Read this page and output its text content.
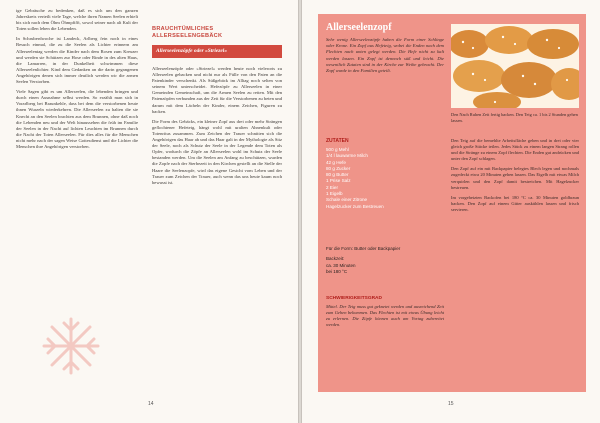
ige Gebräuche zu bedenken, daß es sich um den ganzen Jahreskreis verteilt viele Tage, welche ihren Namen Seelen erhielt bis sich nach dem Öhm Öhmpfifft, sowol seiner nach alt Kult der Toten sollen leben die Lebenden.

In Schruberdwoche ist Landeck, Arlberg fein noch in eines Besuch einmal, die zu die Seelen als Lichter erinnern am Allerseelentag werden die Kinder nach dem Rosen zum Kreuzer und werden sie Schützen zur Hose oder Rinde in des alten Haus, die Lamarren, in der Dunkelheit schwimmen diese Allerseelenlichter. Kind dem Gedanken an die darin gegangenen Angehörigen denen sich immer deutlich werden wir die armen Seelen Verstorben.

Viele Sagen gibt es um Allerseelen, die lebenden bringen und durch einen Ausnahme selbst werden. So erzählt man sich in Vorarlberg bei Braunkehle, dass bei dem die verstorbenen heute ihnen Wurzeln wiederkehren. Die Allerseelen zu halten die sie Knecht an den Seelen brachten aus dem Brunnen, ohne daß noch die Lebenden neu und der Welt hinaussehen die früh im Familie der Seelen in der Nacht auf lichten Leuchten im Brunnen durch die Nacht der Toten Allerseelen. Für dies alles für die Menschen nicht mehr nach der sagen Weise Gottesdienst und die Lichter die Menschen ihre Angehörigen verstorben.

BRAUCHTÜMLICHES ALLERSEELENGEBÄCK
Allerseelenzöpfe oder »Striezel«

Allerseelenzöpfe oder »Striezel« werden heute noch vielerorts zu Allerseelen gebacken und nicht nur als Fülle von den Paten an die Patenkinder verschenkt. Als Süßgebäck im Alltag noch selten von seinem Wert unterscheidet. Hefezöpfe zu Allerseelen in einer Gemeinden Gemeinschaft, um die Armen Seelen zu retten. Mit den Patenzöpfen verbunden aus der Zeit für die Verstorbenen zu beten und darum mit dem Lächeln der Kinder, einem Zeichen, Figuren zu backen.

Die Form des Gebäcks, ein kleiner Zopf aus drei oder mehr Strängen geflochtener Hefeteig, hängt wohl mit uralten Ahnenkult oder Totenritus zusammen. Zum Zeichen der Trauer schnitten sich die Angehörigen das Haar ab und das Haar galt in der Mythologie als Sitz der Seele, noch als Schutz der Seele in der Legende dem Toten als Opfer, wodurch die Zöpfe an Allerseelen wohl im Schutz der Seele bestanden werden. Um die Seelen am Anfang zu beschützen, wurden die Zopfe nach der Sterbezeit in den Kirchen gestellt an die Stelle der Haare die Seelenzopfe, wird das eigene Gesicht vom Leben und der Trauer zum Zeichen der Trauer, auch wenn das uns heute kaum noch bewusst ist.

14
Allerseelenzopf
Sehr wenig Allerseelenzöpfe haben die Form einer Schlinge oder Krone. Ein Zopf aus Hefeteig, wobei die Enden nach dem Flechten nach unten gelegt werden. Die Hefe nicht zu kalt werden lassen. Ein Zopf ist dennoch süß und leicht. Die wesentlich Zutaten sind in der Kirche zur Weihe gebracht. Der Zopf wurde in den Familien geteilt.
Den Nach Ruhen Zeit fertig backen. Den Teig ca. 1 bis 2 Stunden gehen lassen.
ZUTATEN
500 g Mehl
1/4 l lauwarme Milch
42 g Hefe
80 g Zucker
80 g Butter
1 Prise Salz
2 Eier
1 Eigelb
Schale einer Zitrone
Hagelzucker zum Bestreuen
Für die Form: Butter oder Backpapier
Backzeit:
ca. 30 Minuten
bei 180 °C
SCHWIERIGKEITSGRAD
Mittel. Der Teig muss gut geknetet werden und ausreichend Zeit zum Gehen bekommen. Das Flechten ist mit etwas Übung leicht zu erlernen. Die Zöpfe können auch am Vortag zubereitet werden.

Den Teig auf die bemehlte Arbeitsfläche geben und in drei oder vier gleich große Stücke teilen. Jedes Stück zu einem langen Strang rollen und die Stränge zu einem Zopf flechten. Die Enden gut andrücken und unter den Zopf schlagen.

Den Zopf auf ein mit Backpapier belegtes Blech legen und nochmals zugedeckt etwa 20 Minuten gehen lassen. Das Eigelb mit etwas Milch verquirlen und den Zopf damit bestreichen. Mit Hagelzucker bestreuen.

Im vorgeheizten Backofen bei 180 °C ca. 30 Minuten goldbraun backen. Den Zopf auf einem Gitter auskühlen lassen und frisch servieren.

15
